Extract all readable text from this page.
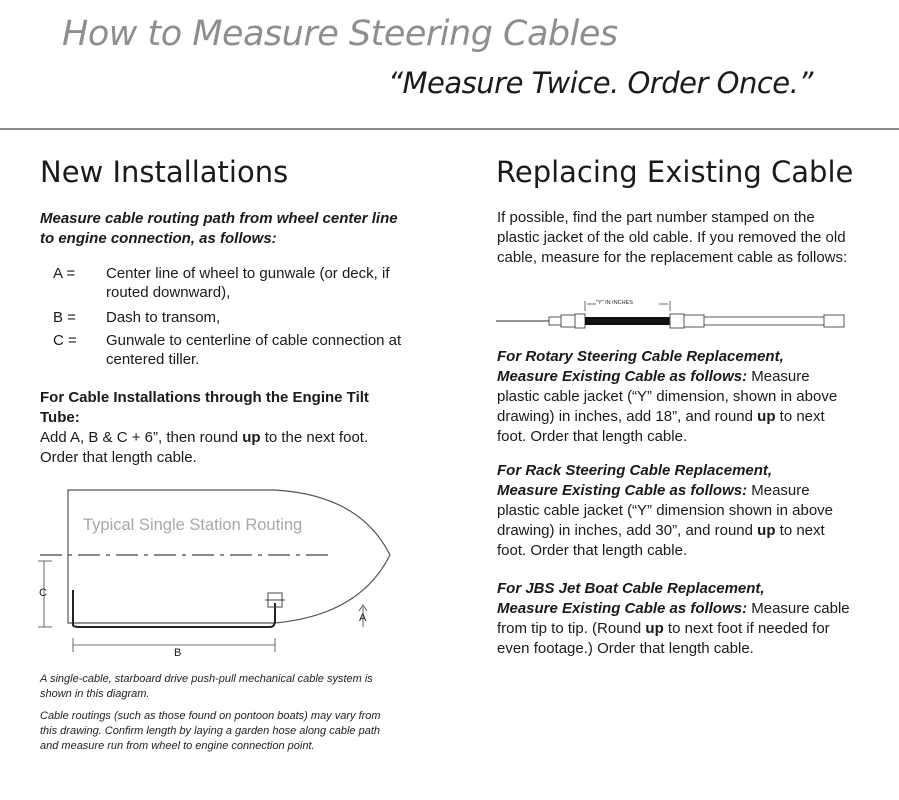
How to Measure Steering Cables
“Measure Twice. Order Once.”
New Installations
Measure cable routing path from wheel center line to engine connection, as follows:
A =	Center line of wheel to gunwale (or deck, if routed downward),
B =	Dash to transom,
C =	Gunwale to centerline of cable connection at centered tiller.
For Cable Installations through the Engine Tilt Tube:
Add A, B & C + 6”, then round up to the next foot. Order that length cable.
Typical Single Station Routing
C
B
A
A single-cable, starboard drive push-pull mechanical cable system is shown in this diagram.
Cable routings (such as those found on pontoon boats) may vary from this drawing. Confirm length by laying a garden hose along cable path and measure run from wheel to engine connection point.
Replacing Existing Cable
If possible, find the part number stamped on the plastic jacket of the old cable. If you removed the old cable, measure for the replacement cable as follows:
"Y" IN INCHES
For Rotary Steering Cable Replacement,
Measure Existing Cable as follows: Measure plastic cable jacket (“Y” dimension, shown in above drawing) in inches, add 18”, and round up to next foot. Order that length cable.
For Rack Steering Cable Replacement,
Measure Existing Cable as follows: Measure plastic cable jacket (“Y” dimension shown in above drawing) in inches, add 30”, and round up to next foot. Order that length cable.
For JBS Jet Boat Cable Replacement,
Measure Existing Cable as follows: Measure cable from tip to tip. (Round up to next foot if needed for even footage.) Order that length cable.
